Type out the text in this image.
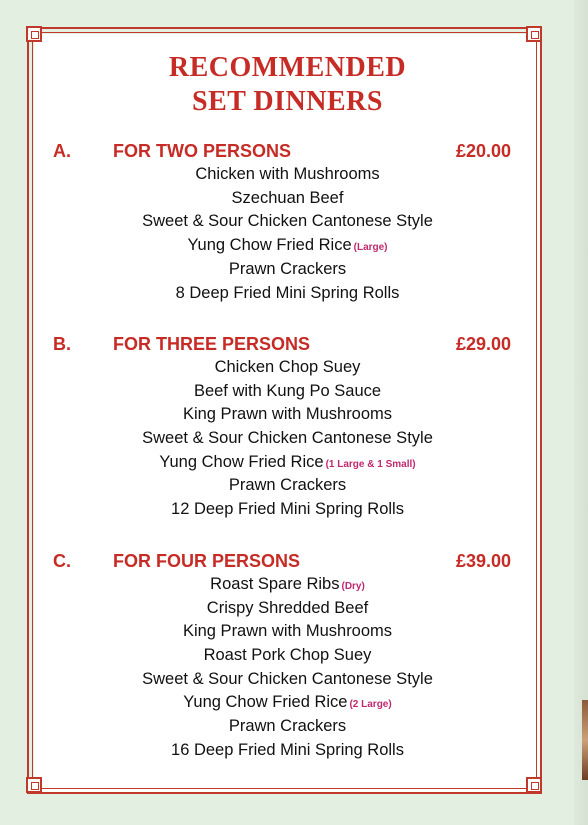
RECOMMENDED
SET DINNERS
A. FOR TWO PERSONS	£20.00
Chicken with Mushrooms
Szechuan Beef
Sweet & Sour Chicken Cantonese Style
Yung Chow Fried Rice (Large)
Prawn Crackers
8 Deep Fried Mini Spring Rolls
B. FOR THREE PERSONS	£29.00
Chicken Chop Suey
Beef with Kung Po Sauce
King Prawn with Mushrooms
Sweet & Sour Chicken Cantonese Style
Yung Chow Fried Rice (1 Large & 1 Small)
Prawn Crackers
12 Deep Fried Mini Spring Rolls
C. FOR FOUR PERSONS	£39.00
Roast Spare Ribs (Dry)
Crispy Shredded Beef
King Prawn with Mushrooms
Roast Pork Chop Suey
Sweet & Sour Chicken Cantonese Style
Yung Chow Fried Rice (2 Large)
Prawn Crackers
16 Deep Fried Mini Spring Rolls
